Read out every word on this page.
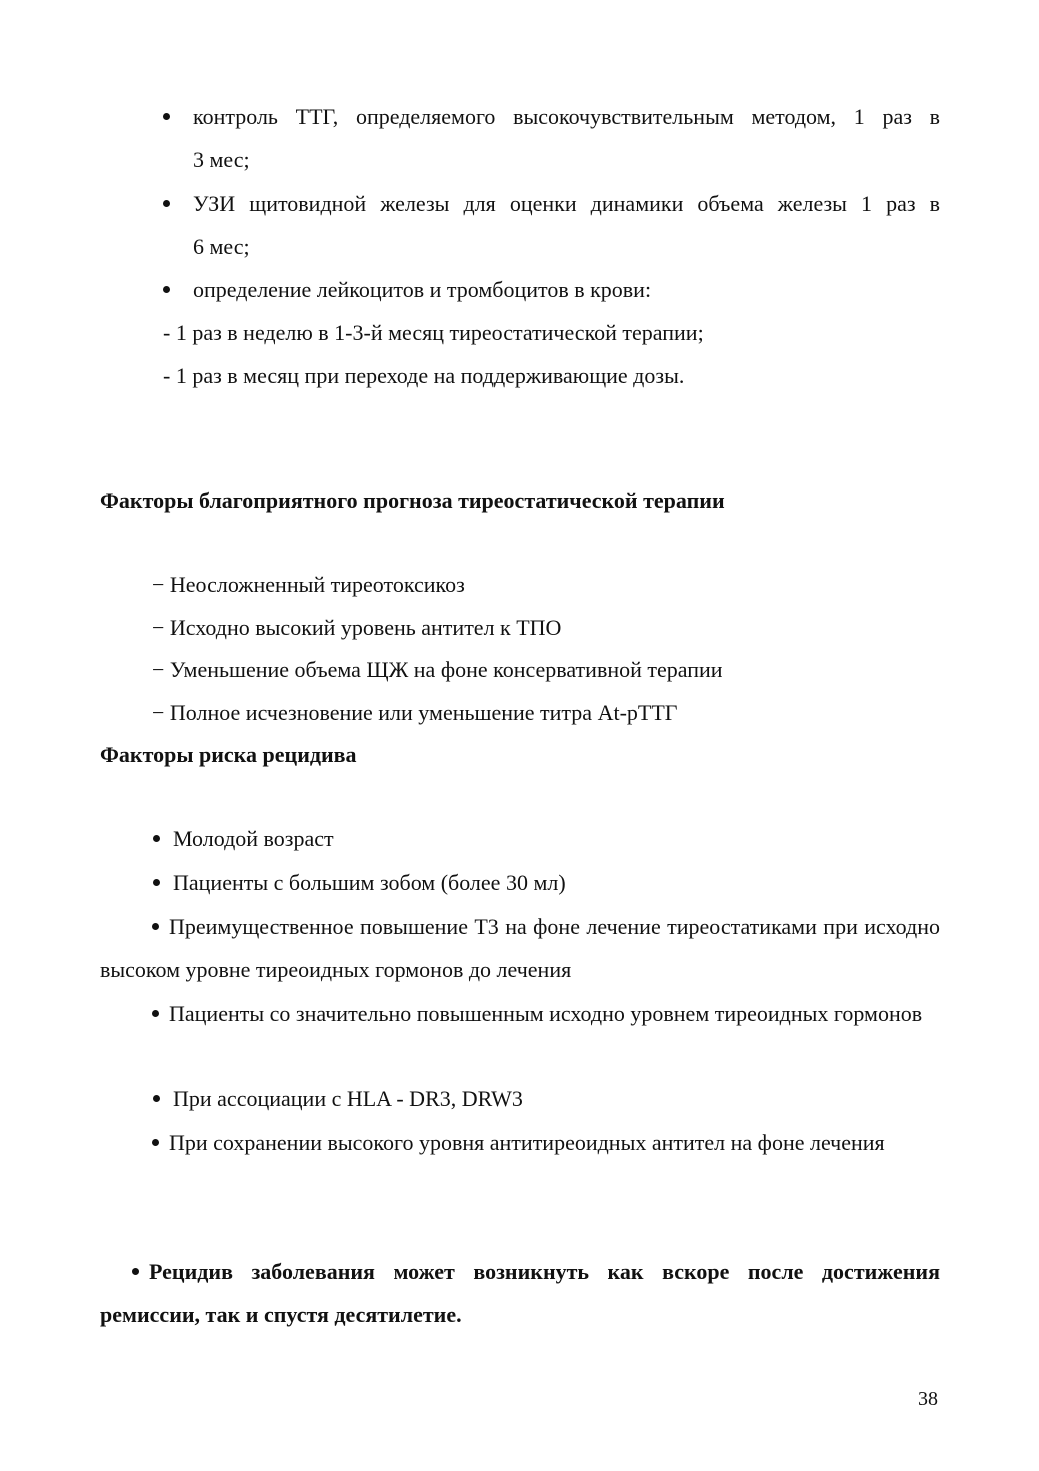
контроль ТТГ, определяемого высокочувствительным методом, 1 раз в
3 мес;
УЗИ щитовидной железы для оценки динамики объема железы 1 раз в
6 мес;
определение лейкоцитов и тромбоцитов в крови:
- 1 раз в неделю в 1-3-й месяц тиреостатической терапии;
- 1 раз в месяц при переходе на поддерживающие дозы.
Факторы благоприятного прогноза тиреостатической терапии
− Неосложненный тиреотоксикоз
− Исходно высокий уровень антител к ТПО
− Уменьшение объема ЩЖ на фоне консервативной терапии
− Полное исчезновение или уменьшение титра At-рТТГ
Факторы риска рецидива
Молодой возраст
Пациенты с большим зобом (более 30 мл)
Преимущественное повышение Т3 на фоне лечение тиреостатиками при исходно высоком уровне тиреоидных гормонов до лечения
Пациенты со значительно повышенным исходно уровнем тиреоидных гормонов
При ассоциации с HLA - DR3, DRW3
При сохранении высокого уровня антитиреоидных антител на фоне лечения
Рецидив заболевания может возникнуть как вскоре после достижения ремиссии, так и спустя десятилетие.
38
